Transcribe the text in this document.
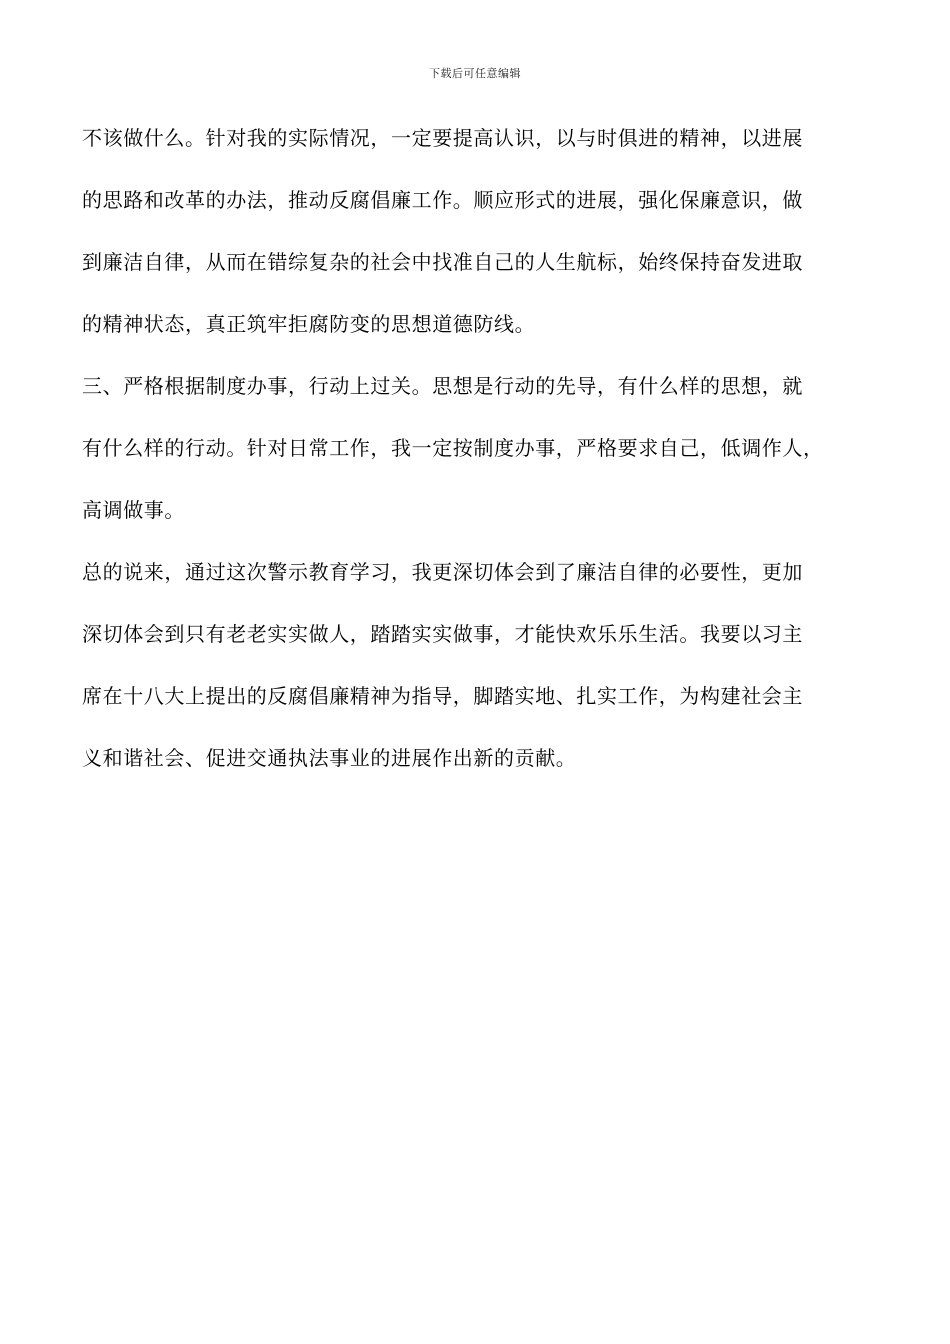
下载后可任意编辑
不该做什么。针对我的实际情况，一定要提高认识，以与时俱进的精神，以进展
的思路和改革的办法，推动反腐倡廉工作。顺应形式的进展，强化保廉意识，做
到廉洁自律，从而在错综复杂的社会中找准自己的人生航标，始终保持奋发进取
的精神状态，真正筑牢拒腐防变的思想道德防线。
三、严格根据制度办事，行动上过关。思想是行动的先导，有什么样的思想，就
有什么样的行动。针对日常工作，我一定按制度办事，严格要求自己，低调作人，
高调做事。
总的说来，通过这次警示教育学习，我更深切体会到了廉洁自律的必要性，更加
深切体会到只有老老实实做人，踏踏实实做事，才能快欢乐乐生活。我要以习主
席在十八大上提出的反腐倡廉精神为指导，脚踏实地、扎实工作，为构建社会主
义和谐社会、促进交通执法事业的进展作出新的贡献。
